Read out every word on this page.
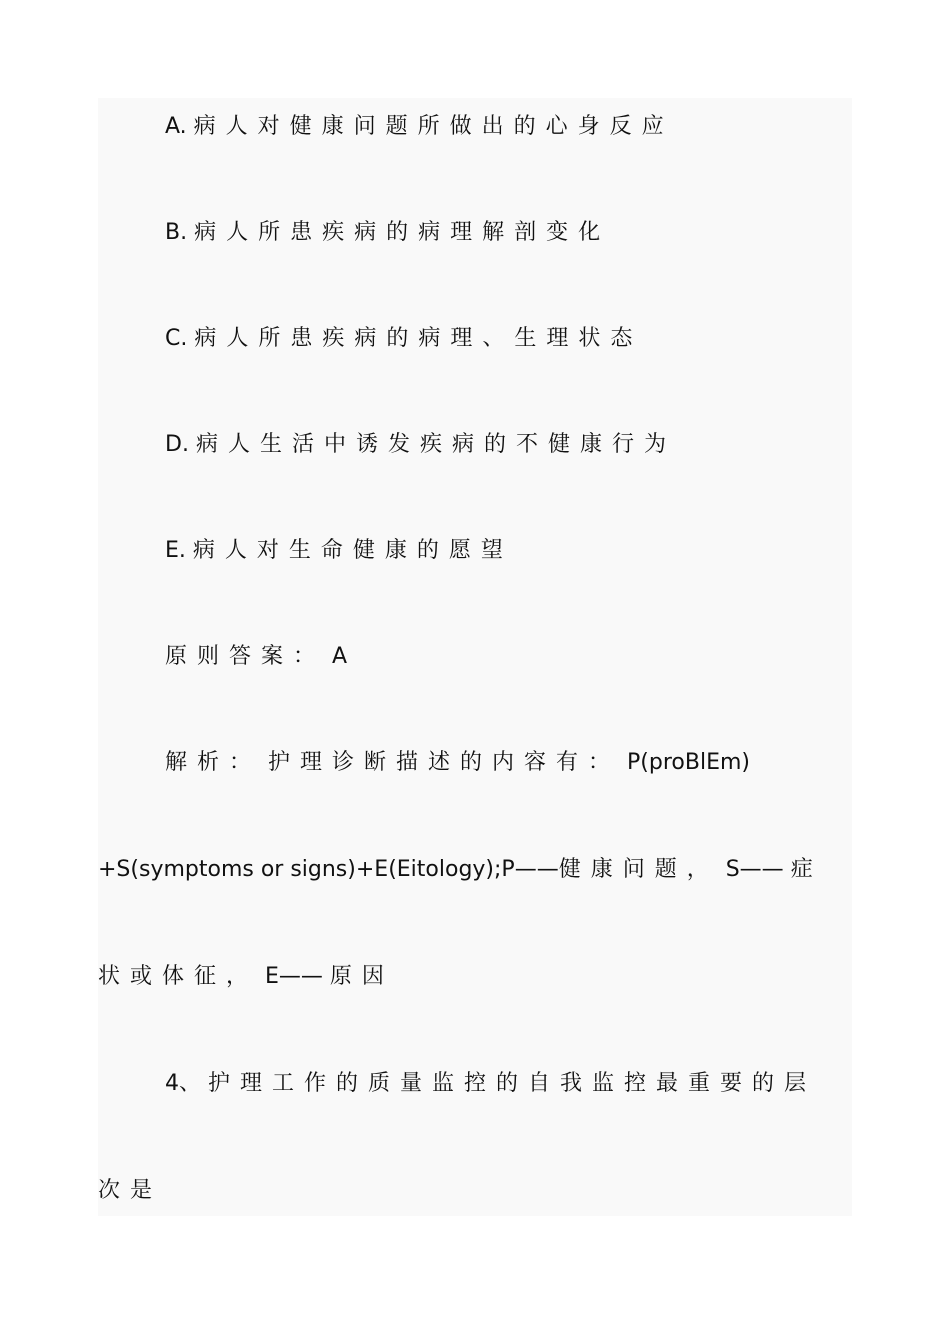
A. 病人对健康问题所做出的心身反应

B. 病人所患疾病的病理解剖变化

C. 病人所患疾病的病理、生理状态

D. 病人生活中诱发疾病的不健康行为

E. 病人对生命健康的愿望

原则答案： A

解析： 护理诊断描述的内容有： P(proBlEm)

+S(symptoms or signs)+E(Eitology);P——健康问题， S—— 症

状或体征， E—— 原因

4、 护理工作的质量监控的自我监控最重要的层

次是
